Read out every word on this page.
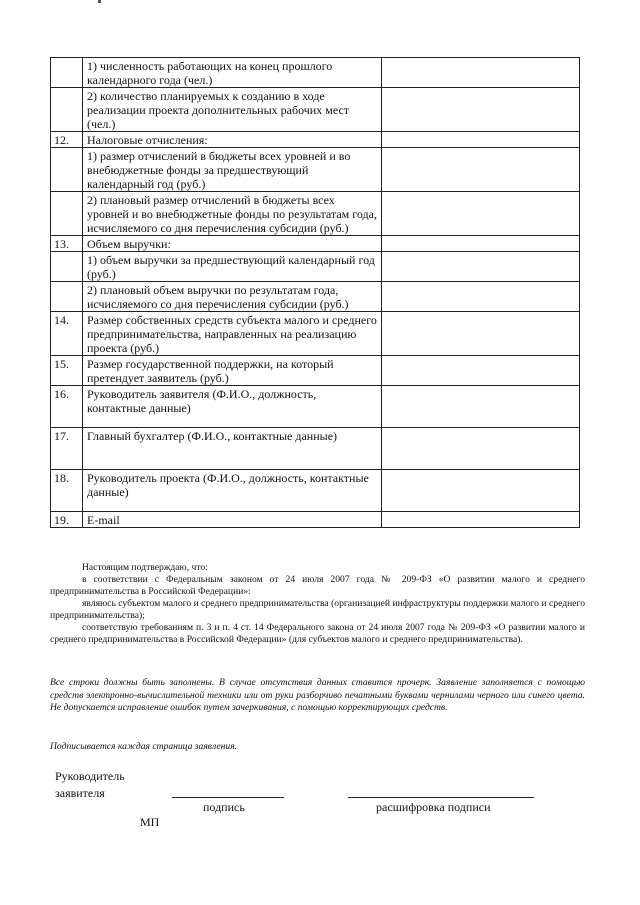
	1) численность работающих на конец прошлого календарного года (чел.)	
	2) количество планируемых к созданию в ходе реализации проекта дополнительных рабочих мест (чел.)	
12.	Налоговые отчисления:	
	1) размер отчислений в бюджеты всех уровней и во внебюджетные фонды за предшествующий календарный год (руб.)	
	2) плановый размер отчислений в бюджеты всех уровней и во внебюджетные фонды по результатам года, исчисляемого со дня перечисления субсидии (руб.)	
13.	Объем выручки:	
	1) объем выручки за предшествующий календарный год (руб.)	
	2) плановый объем выручки по результатам года, исчисляемого со дня перечисления субсидии (руб.)	
14.	Размер собственных средств субъекта малого и среднего предпринимательства, направленных на реализацию проекта (руб.)	
15.	Размер государственной поддержки, на который претендует заявитель (руб.)	
16.	Руководитель заявителя (Ф.И.О., должность, контактные данные)	
17.	Главный бухгалтер (Ф.И.О., контактные данные)	
18.	Руководитель проекта (Ф.И.О., должность, контактные данные)	
19.	E-mail	

Настоящим подтверждаю, что:

в соответствии с Федеральным законом от 24 июля 2007 года № 209-ФЗ «О развитии малого и среднего предпринимательства в Российской Федерации»:

являюсь субъектом малого и среднего предпринимательства (организацией инфраструктуры поддержки малого и среднего предпринимательства);

соответствую требованиям п. 3 и п. 4 ст. 14 Федерального закона от 24 июля 2007 года № 209-ФЗ «О развитии малого и среднего предпринимательства в Российской Федерации» (для субъектов малого и среднего предпринимательства).

Все строки должны быть заполнены. В случае отсутствия данных ставится прочерк. Заявление заполняется с помощью средств электронно-вычислительной техники или от руки разборчиво печатными буквами чернилами черного или синего цвета. Не допускается исправление ошибок путем зачеркивания, с помощью корректирующих средств.

Подписывается каждая страница заявления.
Руководитель
заявителя
подпись	расшифровка подписи
МП
